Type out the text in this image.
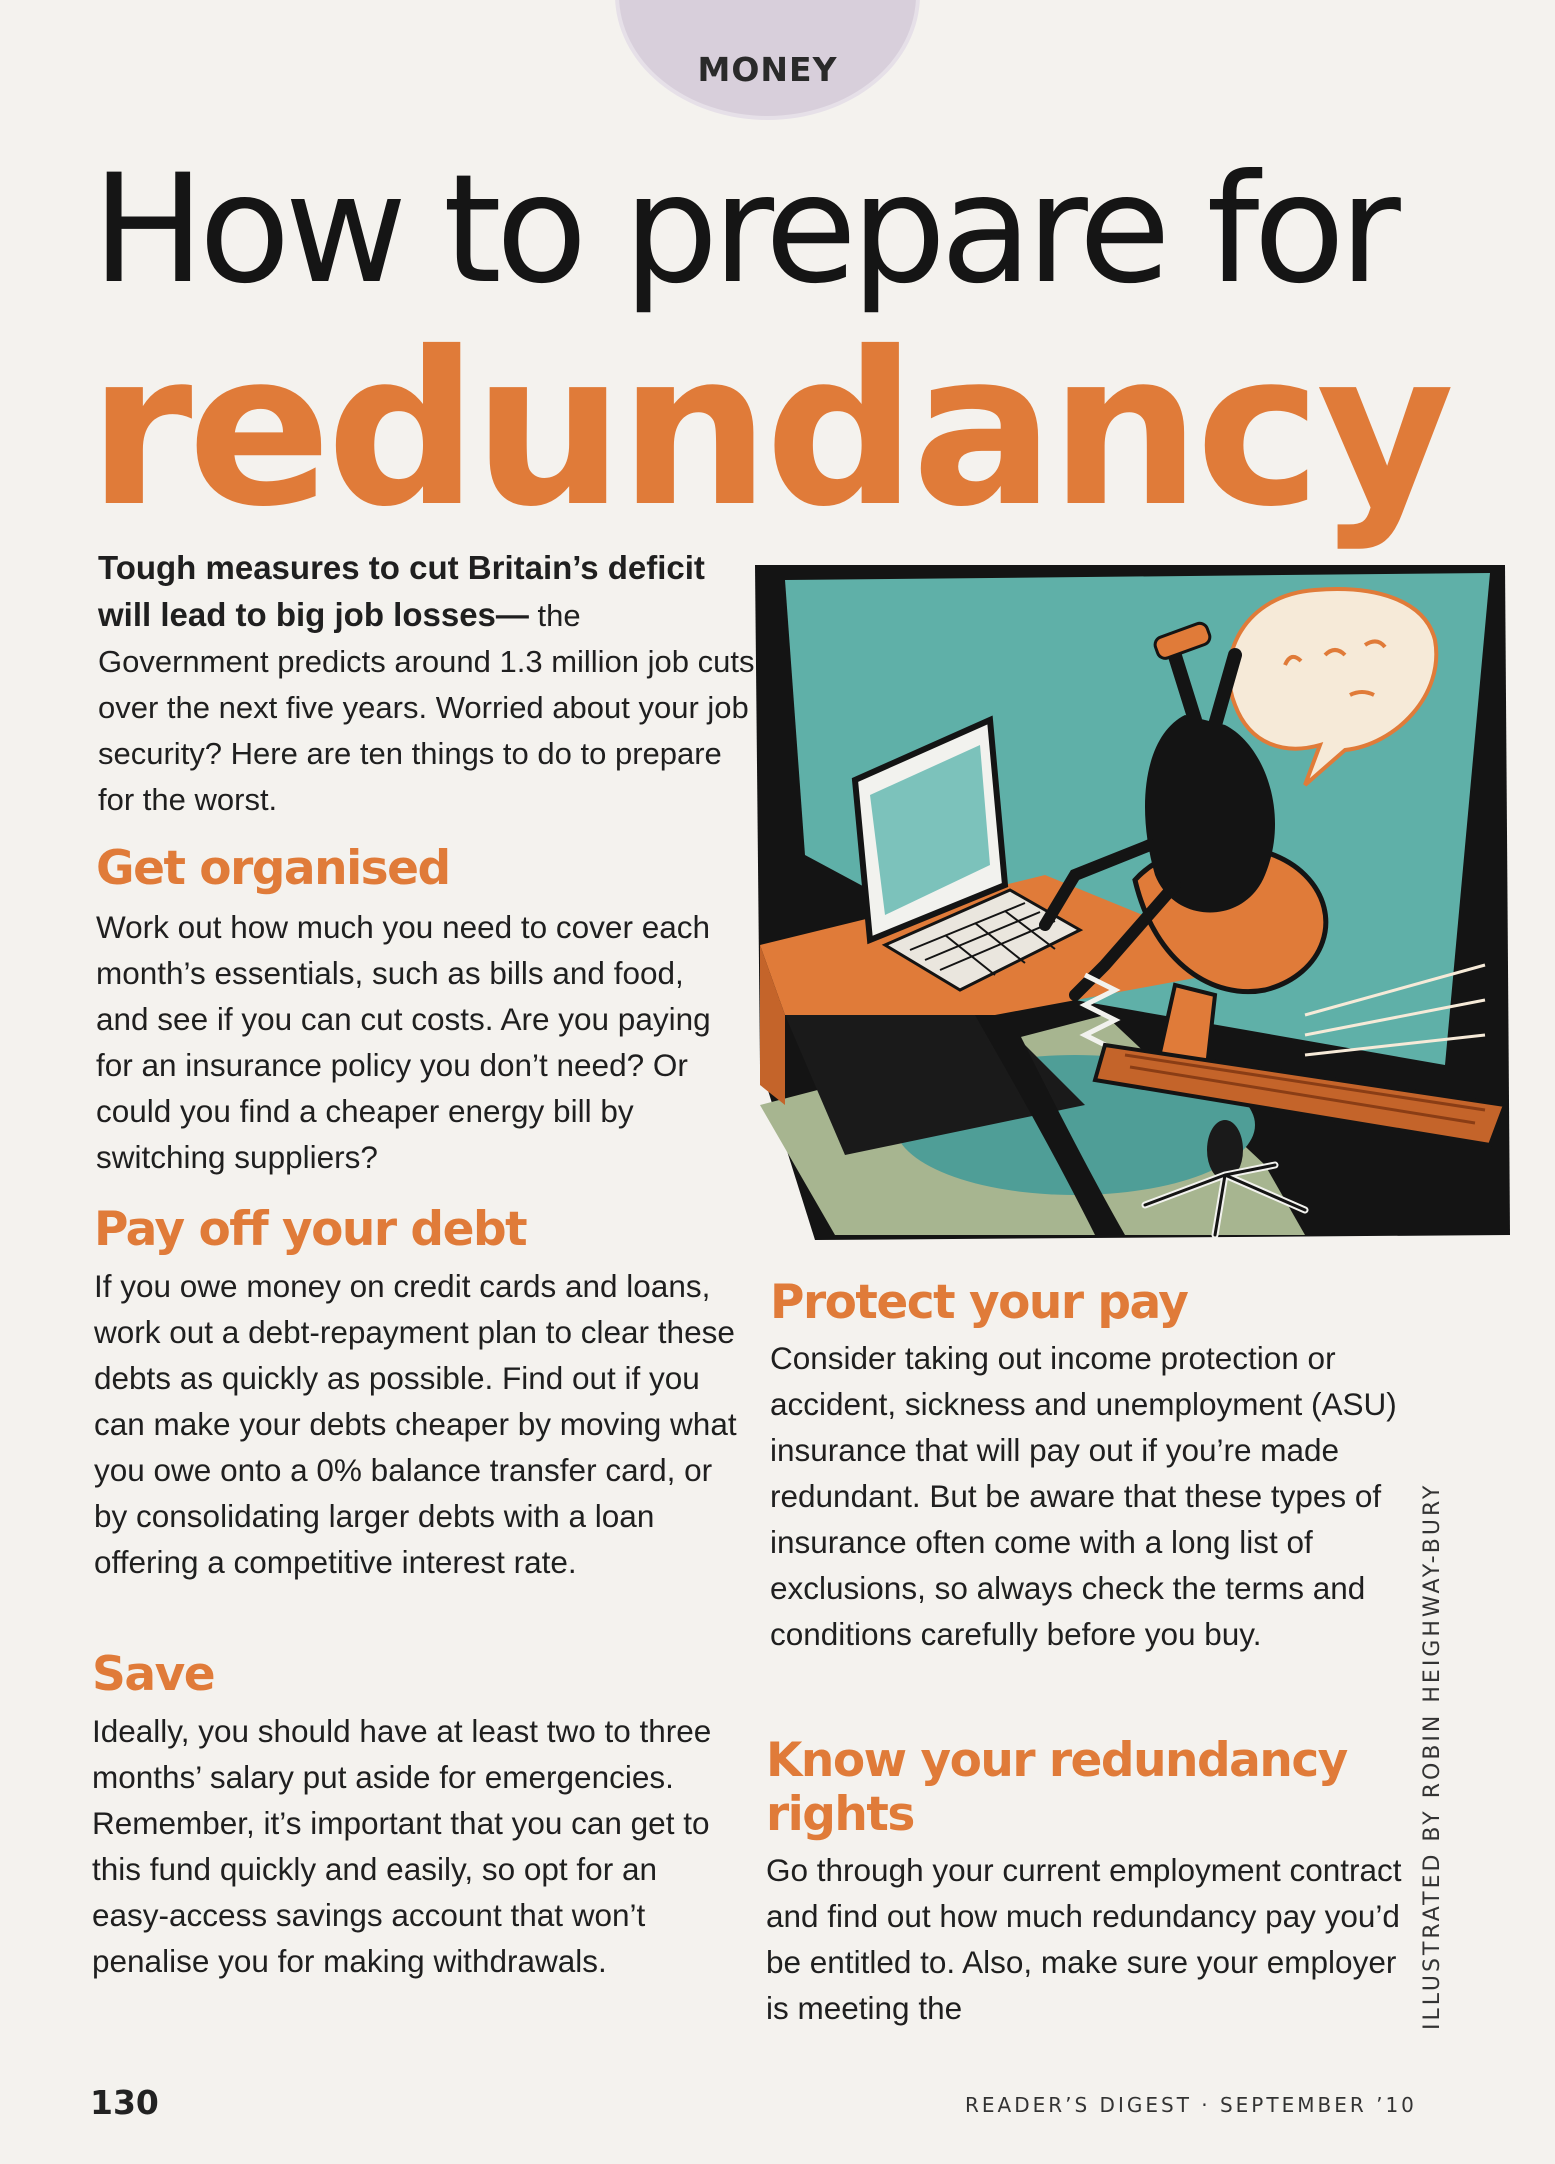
MONEY
How to prepare for
redundancy
Tough measures to cut Britain’s deficit will lead to big job losses— the Government predicts around 1.3 million job cuts over the next five years. Worried about your job security? Here are ten things to do to prepare for the worst.
Get organised
Work out how much you need to cover each month’s essentials, such as bills and food, and see if you can cut costs. Are you paying for an insurance policy you don’t need? Or could you find a cheaper energy bill by switching suppliers?
Pay off your debt
If you owe money on credit cards and loans, work out a debt-repayment plan to clear these debts as quickly as possible. Find out if you can make your debts cheaper by moving what you owe onto a 0% balance transfer card, or by consolidating larger debts with a loan offering a competitive interest rate.
Save
Ideally, you should have at least two to three months’ salary put aside for emergencies. Remember, it’s important that you can get to this fund quickly and easily, so opt for an easy-access savings account that won’t penalise you for making withdrawals.
Protect your pay
Consider taking out income protection or accident, sickness and unemployment (ASU) insurance that will pay out if you’re made redundant. But be aware that these types of insurance often come with a long list of exclusions, so always check the terms and conditions carefully before you buy.
Know your redundancy rights
Go through your current employment contract and find out how much redundancy pay you’d be entitled to. Also, make sure your employer is meeting the	ILLUSTRATED BY ROBIN HEIGHWAY-BURY
130	READER’S DIGEST · SEPTEMBER ’10
